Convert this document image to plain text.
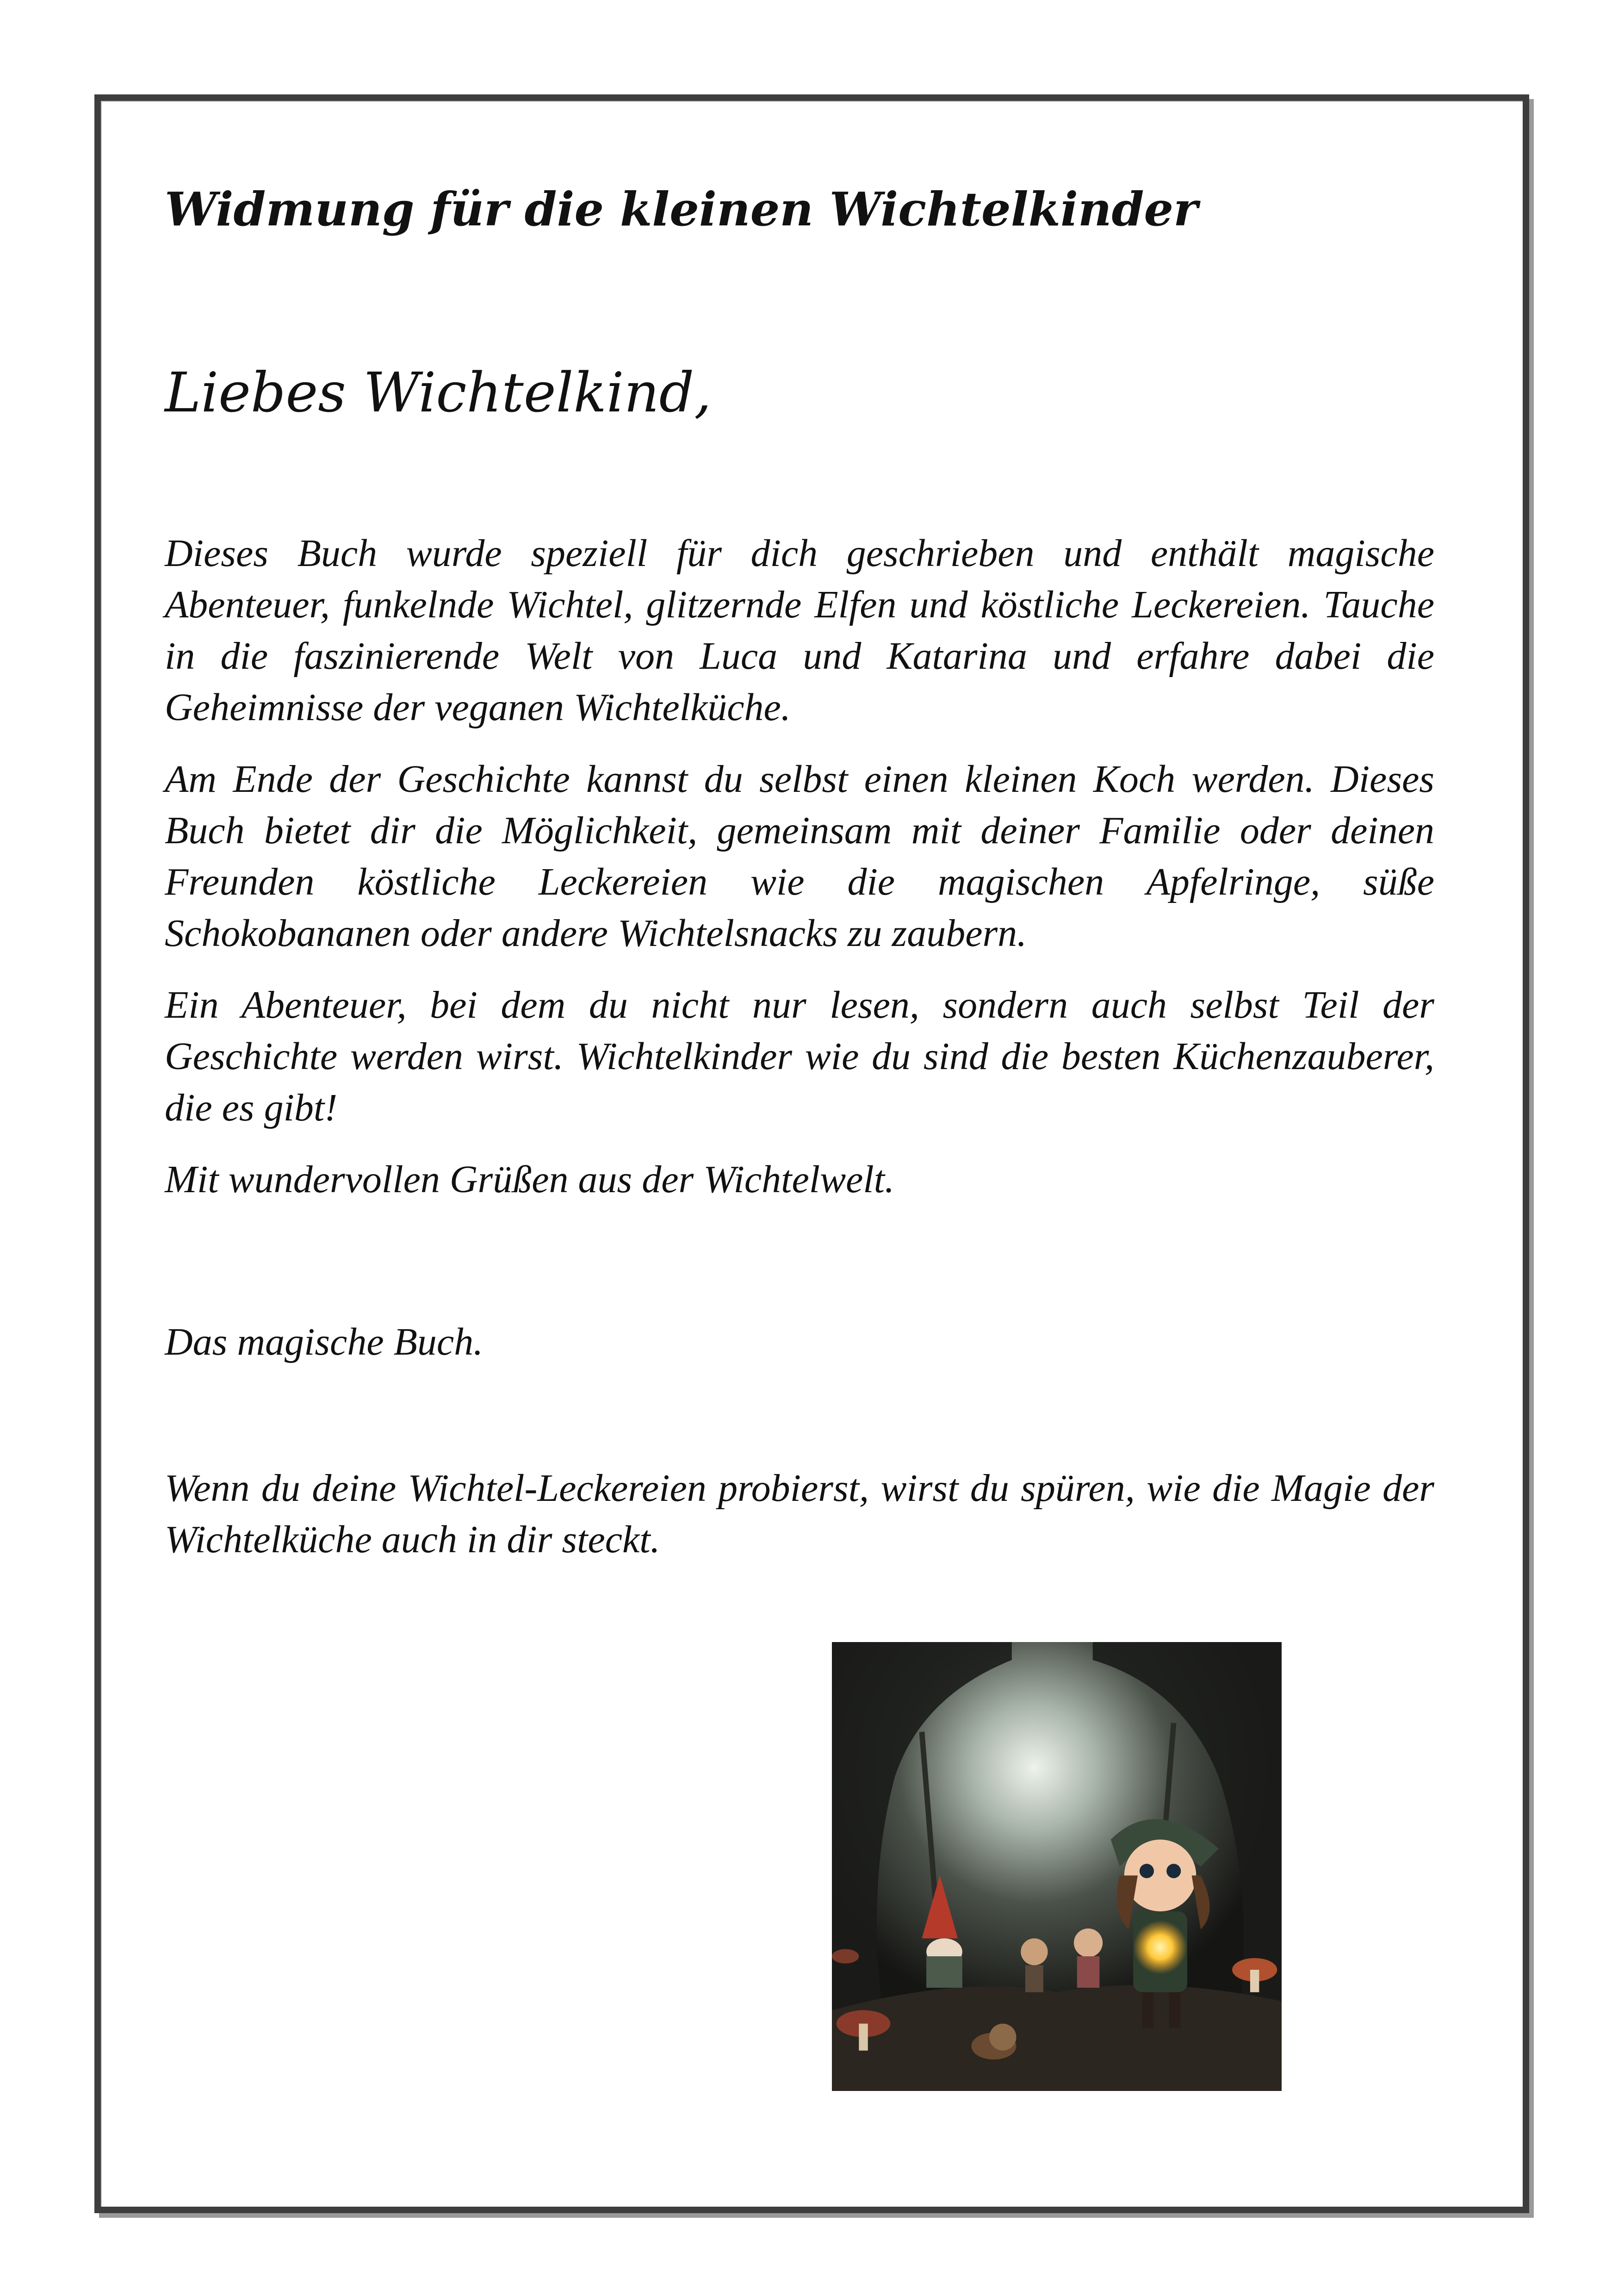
Widmung für die kleinen Wichtelkinder
Liebes Wichtelkind,

Dieses Buch wurde speziell für dich geschrieben und enthält magische Abenteuer, funkelnde Wichtel, glitzernde Elfen und köstliche Leckereien. Tauche in die faszinierende Welt von Luca und Katarina und erfahre dabei die Geheimnisse der veganen Wichtelküche.

Am Ende der Geschichte kannst du selbst einen kleinen Koch werden. Dieses Buch bietet dir die Möglichkeit, gemeinsam mit deiner Familie oder deinen Freunden köstliche Leckereien wie die magischen Apfelringe, süße Schokobananen oder andere Wichtelsnacks zu zaubern.

Ein Abenteuer, bei dem du nicht nur lesen, sondern auch selbst Teil der Geschichte werden wirst. Wichtelkinder wie du sind die besten Küchenzauberer, die es gibt!

Mit wundervollen Grüßen aus der Wichtelwelt.

Das magische Buch.
Wenn du deine Wichtel-Leckereien probierst, wirst du spüren, wie die Magie der Wichtelküche auch in dir steckt.
